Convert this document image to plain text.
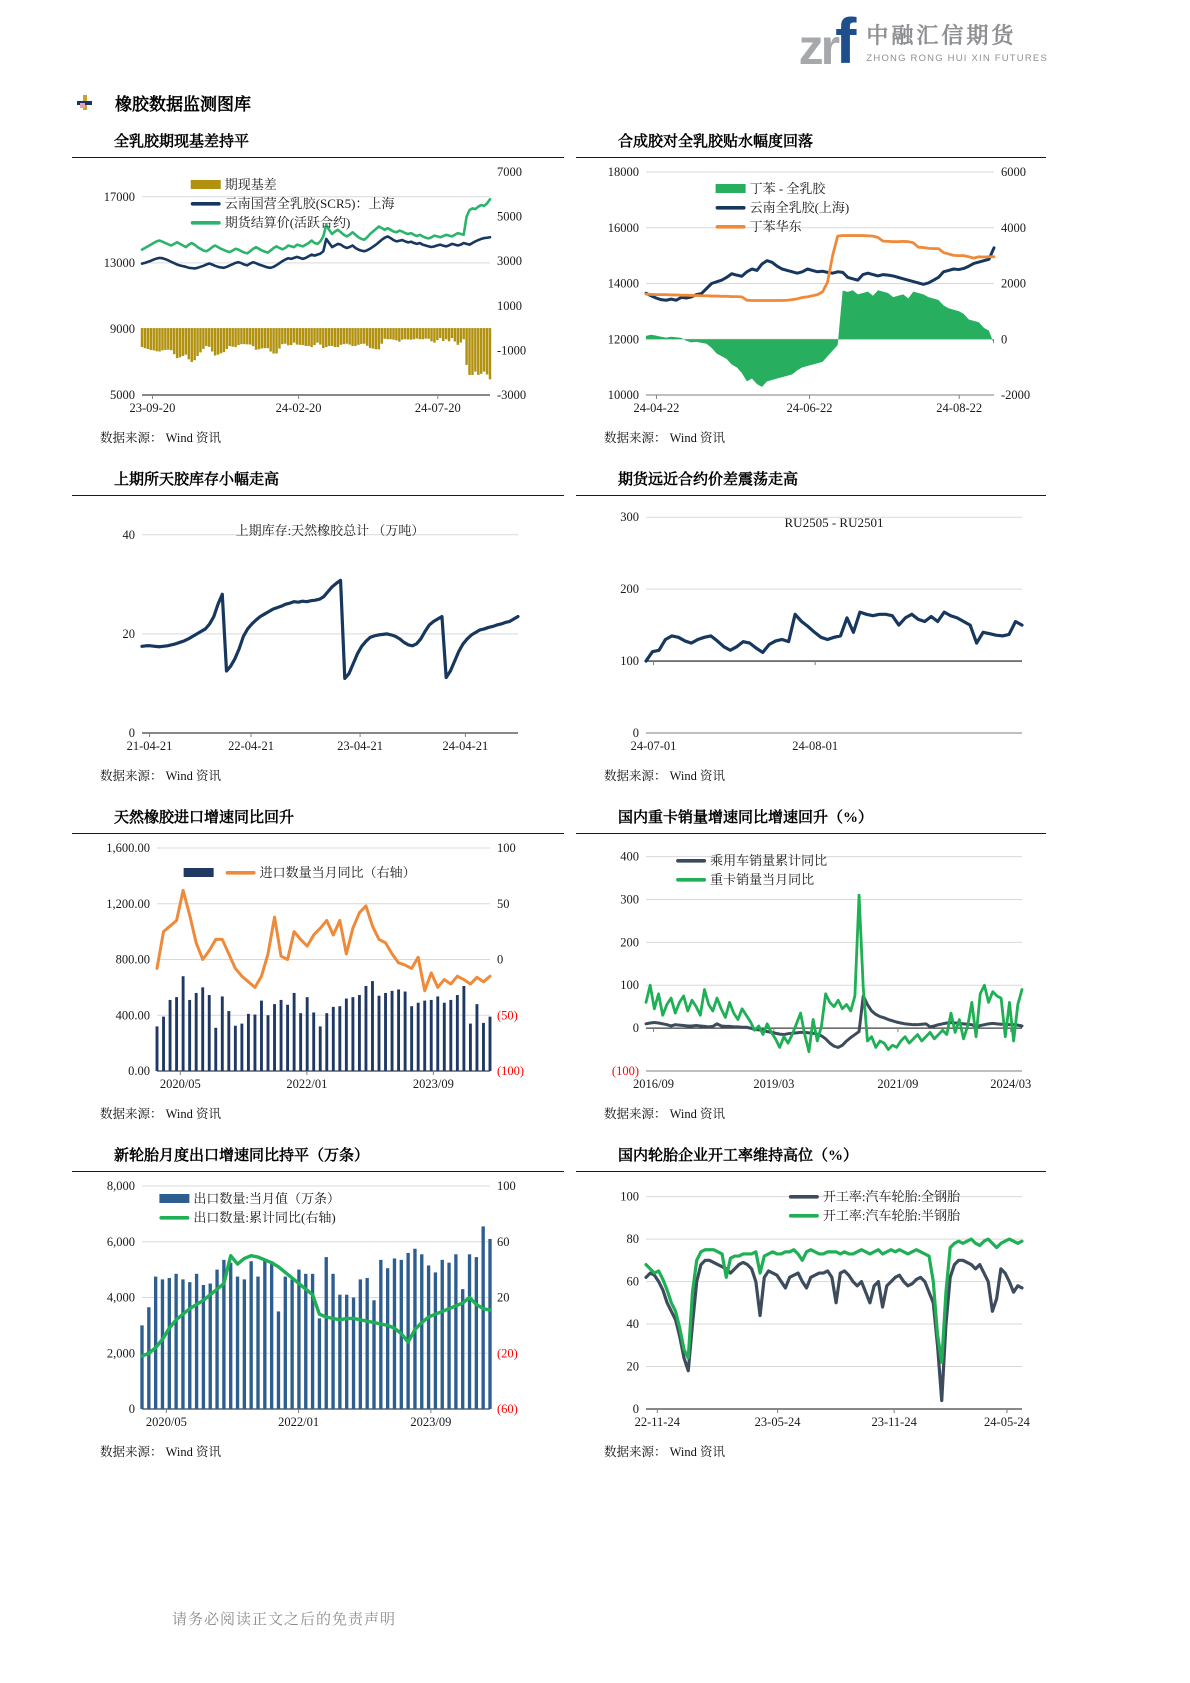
zr
f 中融汇信期货
ZHONG RONG HUI XIN FUTURES
橡胶数据监测图库
全乳胶期现基差持平
17000
13000
9000
5000
7000
5000
3000
1000
-1000
-3000
23-09-20	24-02-20	24-07-20
期现基差
云南国营全乳胶(SCR5)：上海
期货结算价(活跃合约)
数据来源： Wind 资讯
合成胶对全乳胶贴水幅度回落
18000
16000
14000
12000
10000
6000
4000
2000
0
-2000
24-04-22	24-06-22	24-08-22
丁苯 - 全乳胶
云南全乳胶(上海)
丁苯华东
数据来源： Wind 资讯
上期所天胶库存小幅走高
40
20
0
21-04-21	22-04-21	23-04-21	24-04-21
上期库存:天然橡胶总计 （万吨）
数据来源： Wind 资讯
期货远近合约价差震荡走高
300
200
100
0
24-07-01	24-08-01
RU2505 - RU2501
数据来源： Wind 资讯
天然橡胶进口增速同比回升
1,600.00
1,200.00
800.00
400.00
0.00
100
50
0
(50)
(100)
2020/05	2022/01	2023/09
进口数量当月同比（右轴）
数据来源： Wind 资讯
国内重卡销量增速同比增速回升（%）
400
300
200
100
0
(100)
2016/09	2019/03	2021/09	2024/03
乘用车销量累计同比
重卡销量当月同比
数据来源： Wind 资讯
新轮胎月度出口增速同比持平（万条）
8,000
6,000
4,000
2,000
0
100
60
20
(20)
(60)
2020/05	2022/01	2023/09
出口数量:当月值（万条）
出口数量:累计同比(右轴)
数据来源： Wind 资讯
国内轮胎企业开工率维持高位（%）
100
80
60
40
20
0
22-11-24	23-05-24	23-11-24	24-05-24
开工率:汽车轮胎:全钢胎
开工率:汽车轮胎:半钢胎
数据来源： Wind 资讯
请务必阅读正文之后的免责声明
